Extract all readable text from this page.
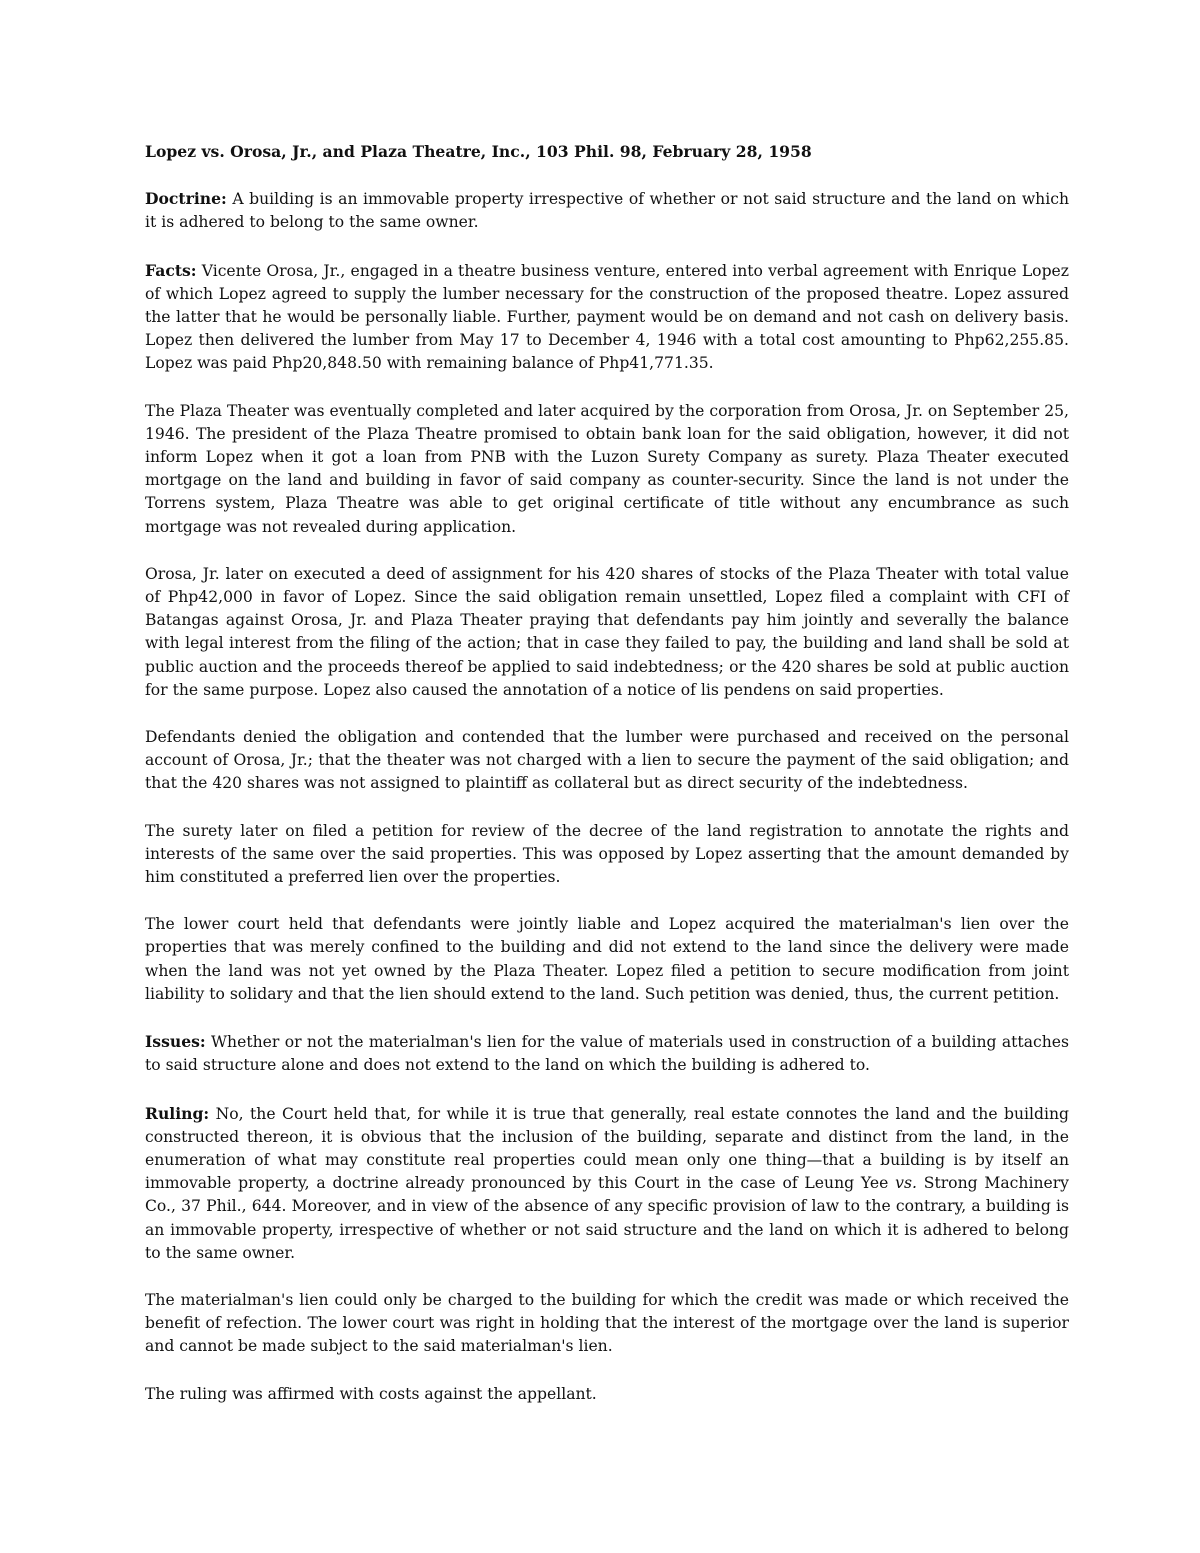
Lopez vs. Orosa, Jr., and Plaza Theatre, Inc., 103 Phil. 98, February 28, 1958

Doctrine: A building is an immovable property irrespective of whether or not said structure and the land on which it is adhered to belong to the same owner.

Facts: Vicente Orosa, Jr., engaged in a theatre business venture, entered into verbal agreement with Enrique Lopez of which Lopez agreed to supply the lumber necessary for the construction of the proposed theatre. Lopez assured the latter that he would be personally liable. Further, payment would be on demand and not cash on delivery basis. Lopez then delivered the lumber from May 17 to December 4, 1946 with a total cost amounting to Php62,255.85. Lopez was paid Php20,848.50 with remaining balance of Php41,771.35.

The Plaza Theater was eventually completed and later acquired by the corporation from Orosa, Jr. on September 25, 1946. The president of the Plaza Theatre promised to obtain bank loan for the said obligation, however, it did not inform Lopez when it got a loan from PNB with the Luzon Surety Company as surety. Plaza Theater executed mortgage on the land and building in favor of said company as counter-security. Since the land is not under the Torrens system, Plaza Theatre was able to get original certificate of title without any encumbrance as such mortgage was not revealed during application.

Orosa, Jr. later on executed a deed of assignment for his 420 shares of stocks of the Plaza Theater with total value of Php42,000 in favor of Lopez. Since the said obligation remain unsettled, Lopez filed a complaint with CFI of Batangas against Orosa, Jr. and Plaza Theater praying that defendants pay him jointly and severally the balance with legal interest from the filing of the action; that in case they failed to pay, the building and land shall be sold at public auction and the proceeds thereof be applied to said indebtedness; or the 420 shares be sold at public auction for the same purpose. Lopez also caused the annotation of a notice of lis pendens on said properties.

Defendants denied the obligation and contended that the lumber were purchased and received on the personal account of Orosa, Jr.; that the theater was not charged with a lien to secure the payment of the said obligation; and that the 420 shares was not assigned to plaintiff as collateral but as direct security of the indebtedness.

The surety later on filed a petition for review of the decree of the land registration to annotate the rights and interests of the same over the said properties. This was opposed by Lopez asserting that the amount demanded by him constituted a preferred lien over the properties.

The lower court held that defendants were jointly liable and Lopez acquired the materialman's lien over the properties that was merely confined to the building and did not extend to the land since the delivery were made when the land was not yet owned by the Plaza Theater. Lopez filed a petition to secure modification from joint liability to solidary and that the lien should extend to the land. Such petition was denied, thus, the current petition.

Issues: Whether or not the materialman's lien for the value of materials used in construction of a building attaches to said structure alone and does not extend to the land on which the building is adhered to.

Ruling: No, the Court held that, for while it is true that generally, real estate connotes the land and the building constructed thereon, it is obvious that the inclusion of the building, separate and distinct from the land, in the enumeration of what may constitute real properties could mean only one thing—that a building is by itself an immovable property, a doctrine already pronounced by this Court in the case of Leung Yee vs. Strong Machinery Co., 37 Phil., 644. Moreover, and in view of the absence of any specific provision of law to the contrary, a building is an immovable property, irrespective of whether or not said structure and the land on which it is adhered to belong to the same owner.

The materialman's lien could only be charged to the building for which the credit was made or which received the benefit of refection. The lower court was right in holding that the interest of the mortgage over the land is superior and cannot be made subject to the said materialman's lien.

The ruling was affirmed with costs against the appellant.
